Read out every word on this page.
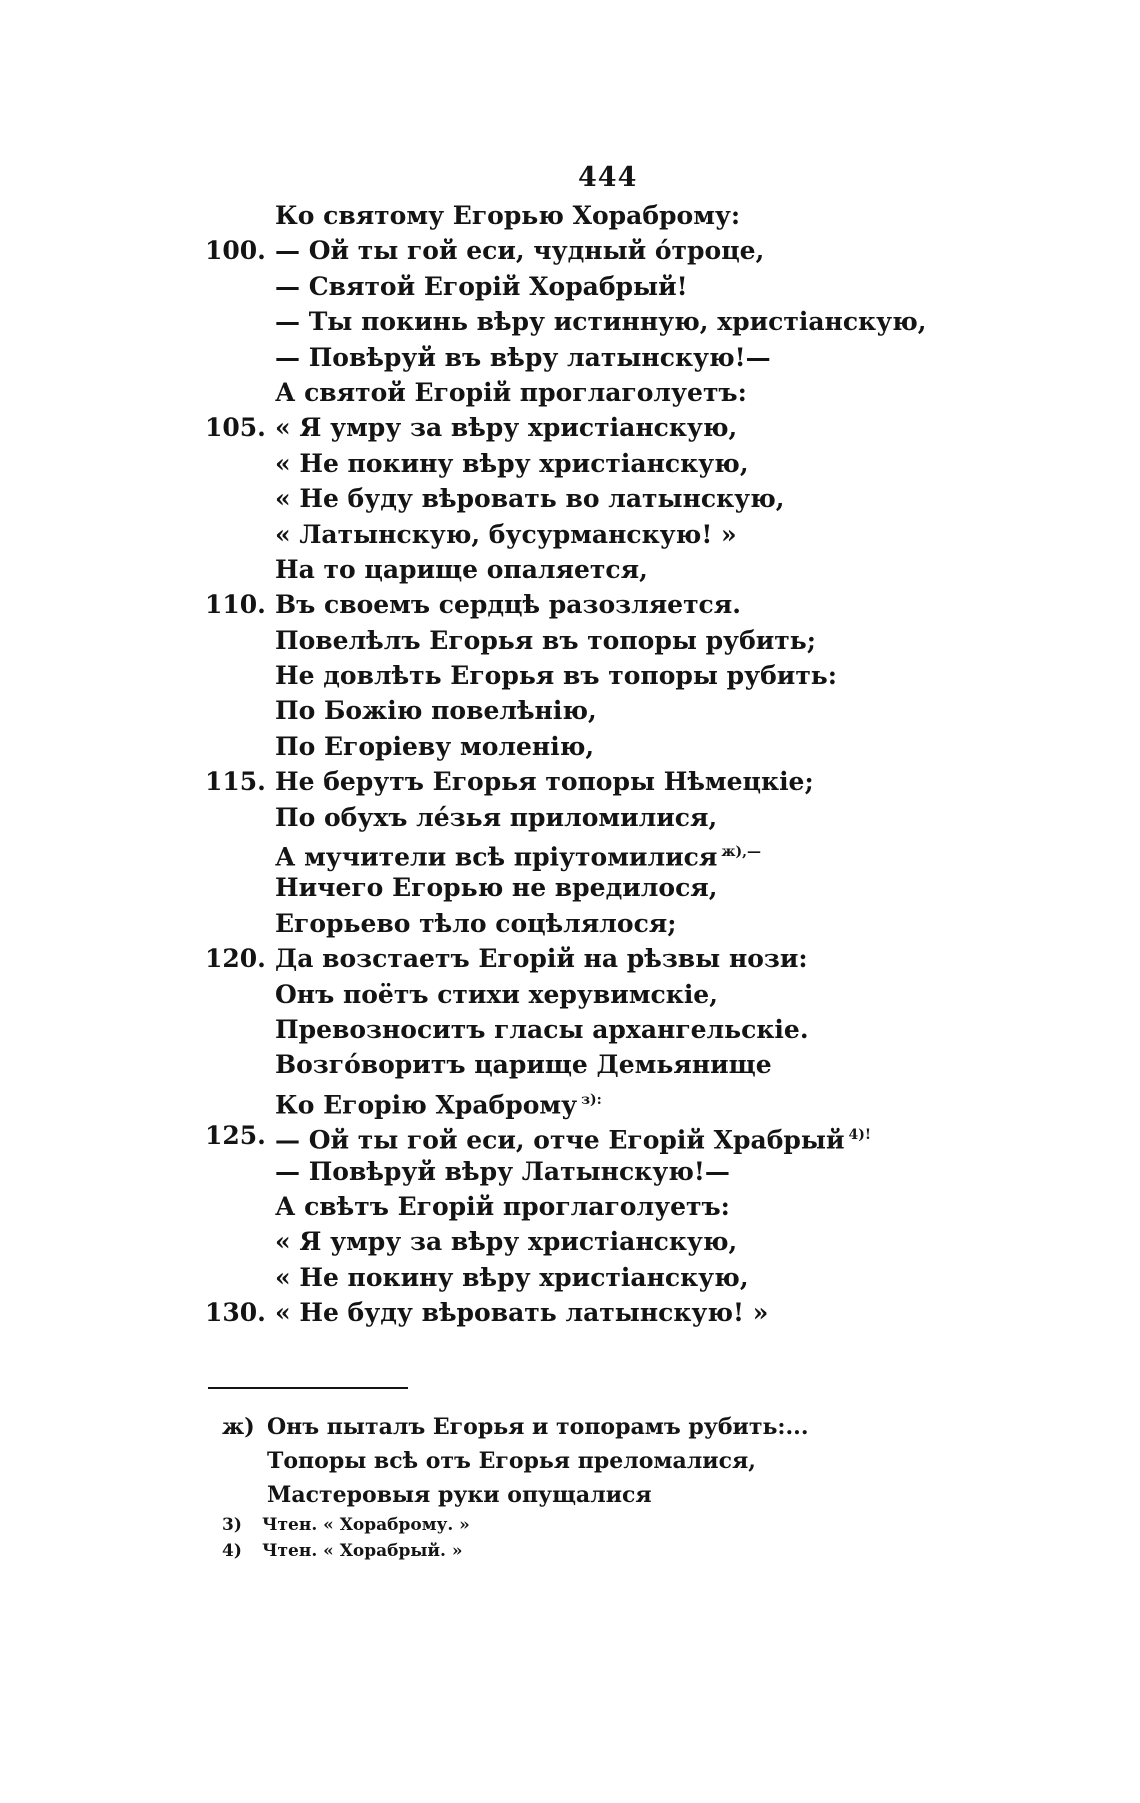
444
Ко святому Егорью Хораброму:
100. — Ой ты гой еси, чудный о́троце,
— Святой Егорій Хорабрый!
— Ты покинь вѣру истинную, христіанскую,
— Повѣруй въ вѣру латынскую!—
А святой Егорій проглаголуетъ:
105. « Я умру за вѣру христіанскую,
« Не покину вѣру христіанскую,
« Не буду вѣровать во латынскую,
« Латынскую, бусурманскую! »
На то царище опаляется,
110. Въ своемъ сердцѣ разозляется.
Повелѣлъ Егорья въ топоры рубить;
Не довлѣть Егорья въ топоры рубить:
По Божію повелѣнію,
По Егоріеву моленію,
115. Не берутъ Егорья топоры Нѣмецкіе;
По обухъ ле́зья приломилися,
А мучители всѣ пріутомилися $^{ж),—}$
Ничего Егорью не вредилося,
Егорьево тѣло соцѣлялося;
120. Да возстаетъ Егорій на рѣзвы нози:
Онъ поётъ стихи херувимскіе,
Превозноситъ гласы архангельскіе.
Возго́воритъ царище Демьянище
Ко Егорію Храброму $^{з):}$
125. — Ой ты гой еси, отче Егорій Храбрый $^{4)!}$
— Повѣруй вѣру Латынскую!—
А свѣтъ Егорій проглаголуетъ:
« Я умру за вѣру христіанскую,
« Не покину вѣру христіанскую,
130. « Не буду вѣровать латынскую! »
ж) Онъ пыталъ Егорья и топорамъ рубить:...
Топоры всѣ отъ Егорья преломалися,
Мастеровыя руки опущалися
3) Чтен. « Хораброму. »
4) Чтен. « Хорабрый. »
